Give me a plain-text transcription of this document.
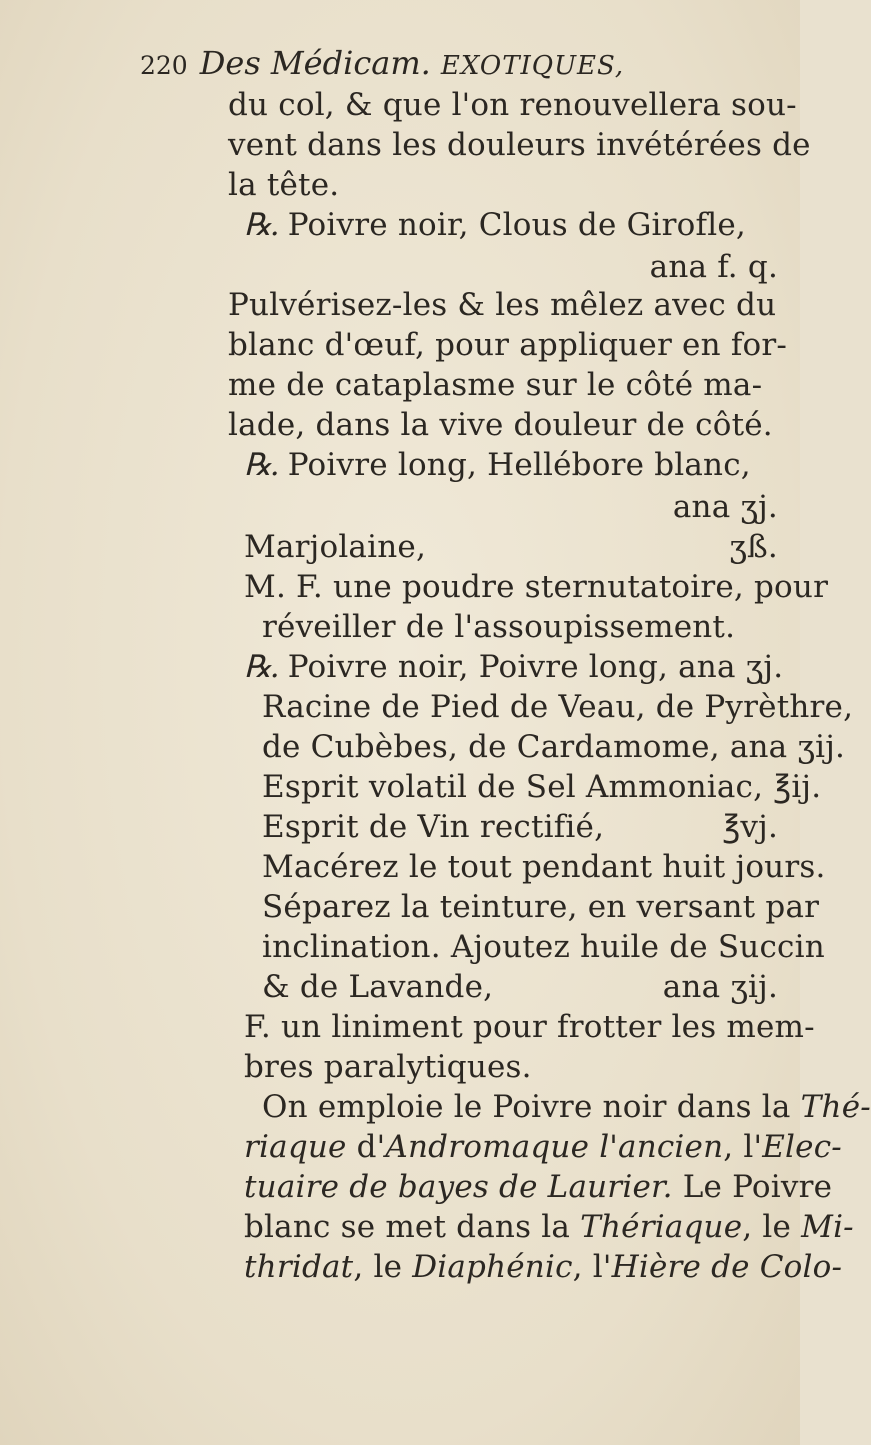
220 Des Médicam. EXOTIQUES,
du col, & que l'on renouvellera sou-
vent dans les douleurs invétérées de
la tête.
℞. Poivre noir, Clous de Girofle,
ana f. q.
Pulvérisez-les & les mêlez avec du
blanc d'œuf, pour appliquer en for-
me de cataplasme sur le côté ma-
lade, dans la vive douleur de côté.
℞. Poivre long, Hellébore blanc,
ana ʒj.
Marjolaine,	ʒß.
M. F. une poudre sternutatoire, pour
réveiller de l'assoupissement.
℞. Poivre noir, Poivre long, ana ʒj.
Racine de Pied de Veau, de Pyrèthre,
de Cubèbes, de Cardamome, ana ʒij.
Esprit volatil de Sel Ammoniac, ℥ij.
Esprit de Vin rectifié,	℥vj.
Macérez le tout pendant huit jours.
Séparez la teinture, en versant par
inclination. Ajoutez huile de Succin
& de Lavande,	ana ʒij.
F. un liniment pour frotter les mem-
bres paralytiques.
On emploie le Poivre noir dans la Thé-
riaque d'Andromaque l'ancien, l'Elec-
tuaire de bayes de Laurier. Le Poivre
blanc se met dans la Thériaque, le Mi-
thridat, le Diaphénic, l'Hière de Colo-
